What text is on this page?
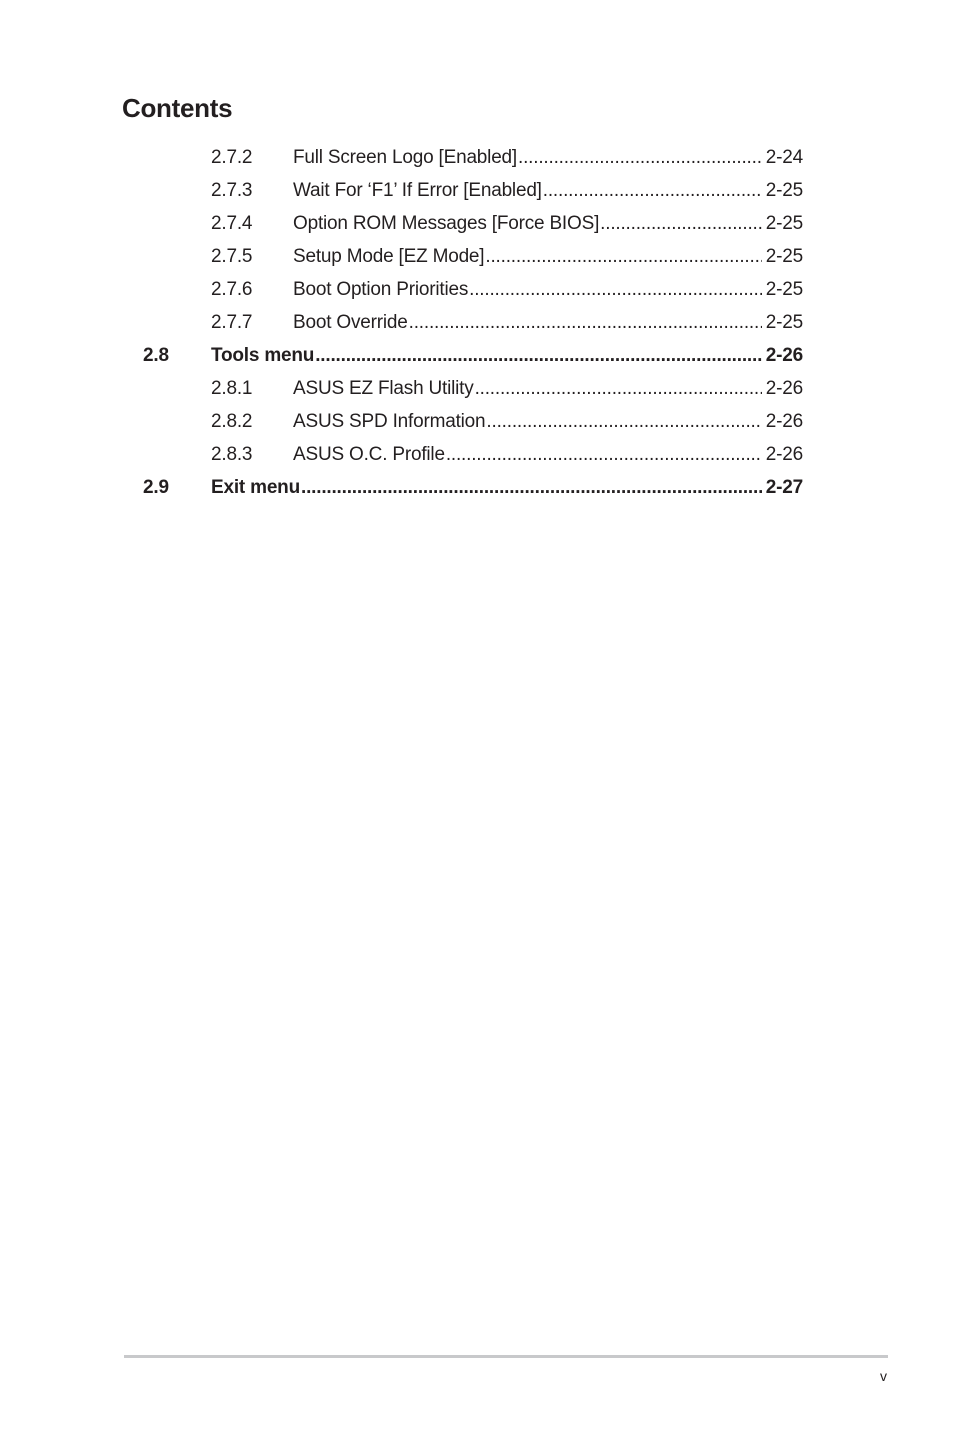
Contents
2.7.2 Full Screen Logo [Enabled] .....	2-24
2.7.3 Wait For ‘F1’ If Error [Enabled] .....	2-25
2.7.4 Option ROM Messages [Force BIOS] .....	2-25
2.7.5 Setup Mode [EZ Mode] .....	2-25
2.7.6 Boot Option Priorities .....	2-25
2.7.7 Boot Override .....	2-25
2.8 Tools menu .....	2-26
2.8.1 ASUS EZ Flash Utility .....	2-26
2.8.2 ASUS SPD Information .....	2-26
2.8.3 ASUS O.C. Profile .....	2-26
2.9 Exit menu .....	2-27
v
